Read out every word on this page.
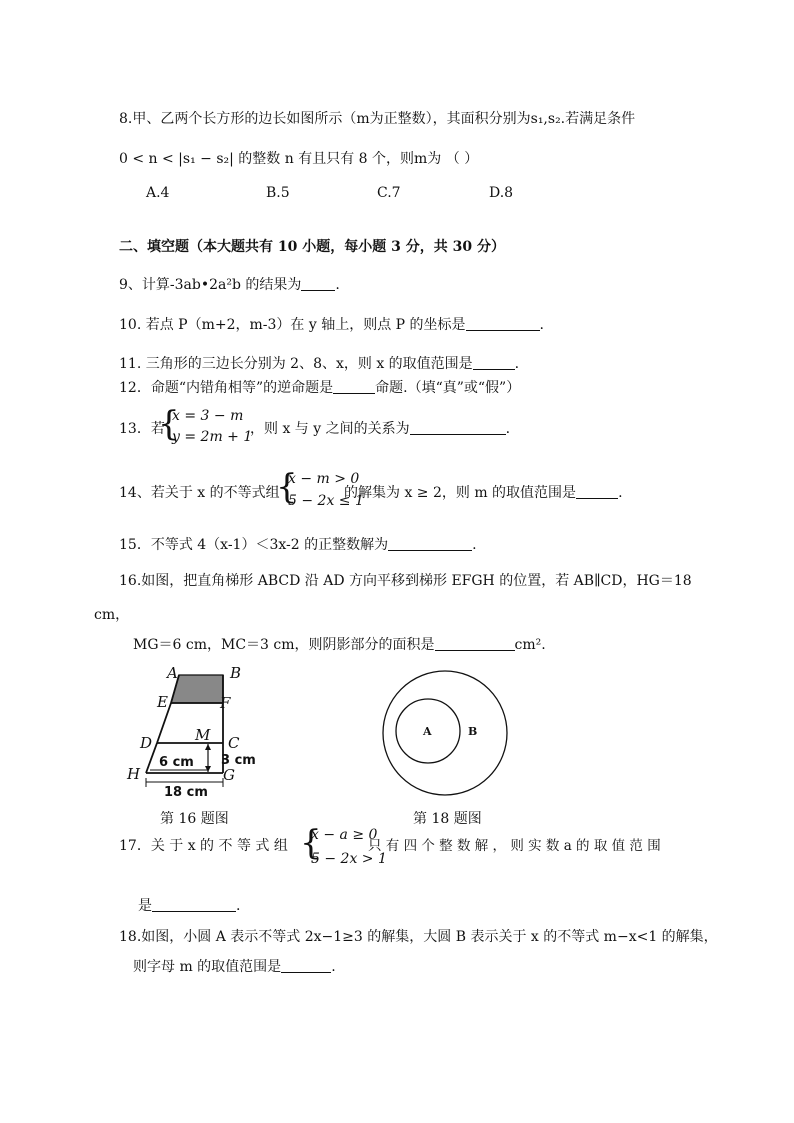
8.甲、乙两个长方形的边长如图所示（m为正整数），其面积分别为s₁,s₂.若满足条件
0 < n < |s₁ − s₂| 的整数 n 有且只有 8 个，则m为 （ ）
A.4	B.5	C.7	D.8
二、填空题（本大题共有 10 小题，每小题 3 分，共 30 分）
9、计算-3ab•2a²b 的结果为 .
10. 若点 P（m+2，m-3）在 y 轴上，则点 P 的坐标是	.
11. 三角形的三边长分别为 2、8、x，则 x 的取值范围是	.
12．命题“内错角相等”的逆命题是	命题.（填“真”或“假”）
13．若
{
x = 3 − m
y = 2m + 1
，则 x 与 y 之间的关系为	.
14、若关于 x 的不等式组
{
x − m > 0
5 − 2x ≤ 1
的解集为 x ≥ 2，则 m 的取值范围是	.
15．不等式 4（x-1）＜3x-2 的正整数解为	.
16.如图，把直角梯形 ABCD 沿 AD 方向平移到梯形 EFGH 的位置，若 AB∥CD，HG＝18
cm，
MG＝6 cm，MC＝3 cm，则阴影部分的面积是	cm².
A	B
E	F
M
D	C
H	G
6 cm 3 cm
18 cm
第 16 题图
A	B
第 18 题图
17．关 于 x 的 不 等 式 组 {
x − a ≥ 0
5 − 2x > 1
只 有 四 个 整 数 解 ， 则 实 数 a 的 取 值 范 围
是	.
18.如图，小圆 A 表示不等式 2x−1≥3 的解集，大圆 B 表示关于 x 的不等式 m−x<1 的解集，
则字母 m 的取值范围是	.
